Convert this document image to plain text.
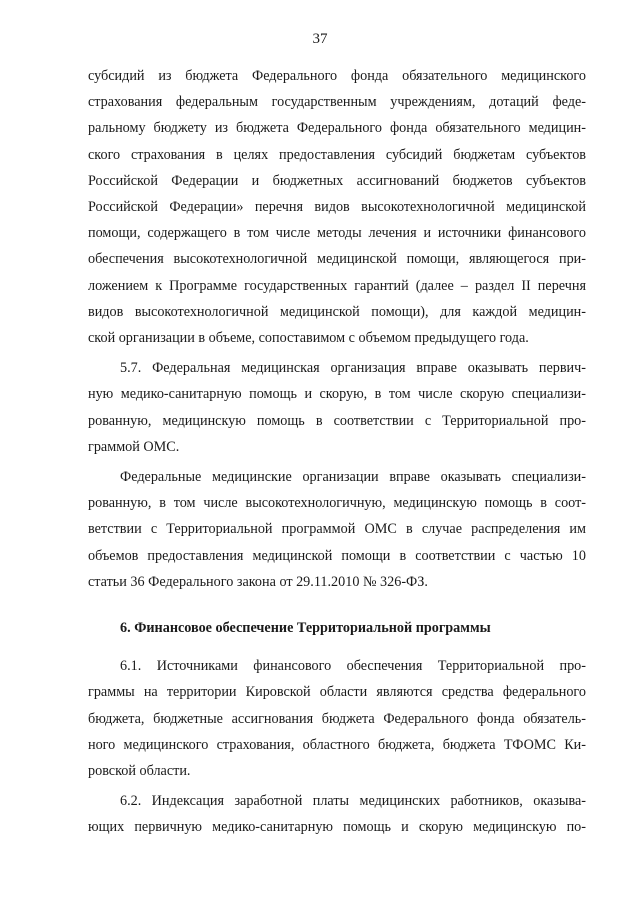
37
субсидий из бюджета Федерального фонда обязательного медицинского
страхования федеральным государственным учреждениям, дотаций феде-
ральному бюджету из бюджета Федерального фонда обязательного медицин-
ского страхования в целях предоставления субсидий бюджетам субъектов
Российской Федерации и бюджетных ассигнований бюджетов субъектов
Российской Федерации» перечня видов высокотехнологичной медицинской
помощи, содержащего в том числе методы лечения и источники финансового
обеспечения высокотехнологичной медицинской помощи, являющегося при-
ложением к Программе государственных гарантий (далее – раздел II перечня
видов высокотехнологичной медицинской помощи), для каждой медицин-
ской организации в объеме, сопоставимом с объемом предыдущего года.
5.7. Федеральная медицинская организация вправе оказывать первич-
ную медико-санитарную помощь и скорую, в том числе скорую специализи-
рованную, медицинскую помощь в соответствии с Территориальной про-
граммой ОМС.
Федеральные медицинские организации вправе оказывать специализи-
рованную, в том числе высокотехнологичную, медицинскую помощь в соот-
ветствии с Территориальной программой ОМС в случае распределения им
объемов предоставления медицинской помощи в соответствии с частью 10
статьи 36 Федерального закона от 29.11.2010 № 326-ФЗ.
6. Финансовое обеспечение Территориальной программы
6.1. Источниками финансового обеспечения Территориальной про-
граммы на территории Кировской области являются средства федерального
бюджета, бюджетные ассигнования бюджета Федерального фонда обязатель-
ного медицинского страхования, областного бюджета, бюджета ТФОМС Ки-
ровской области.
6.2. Индексация заработной платы медицинских работников, оказыва-
ющих первичную медико-санитарную помощь и скорую медицинскую по-
